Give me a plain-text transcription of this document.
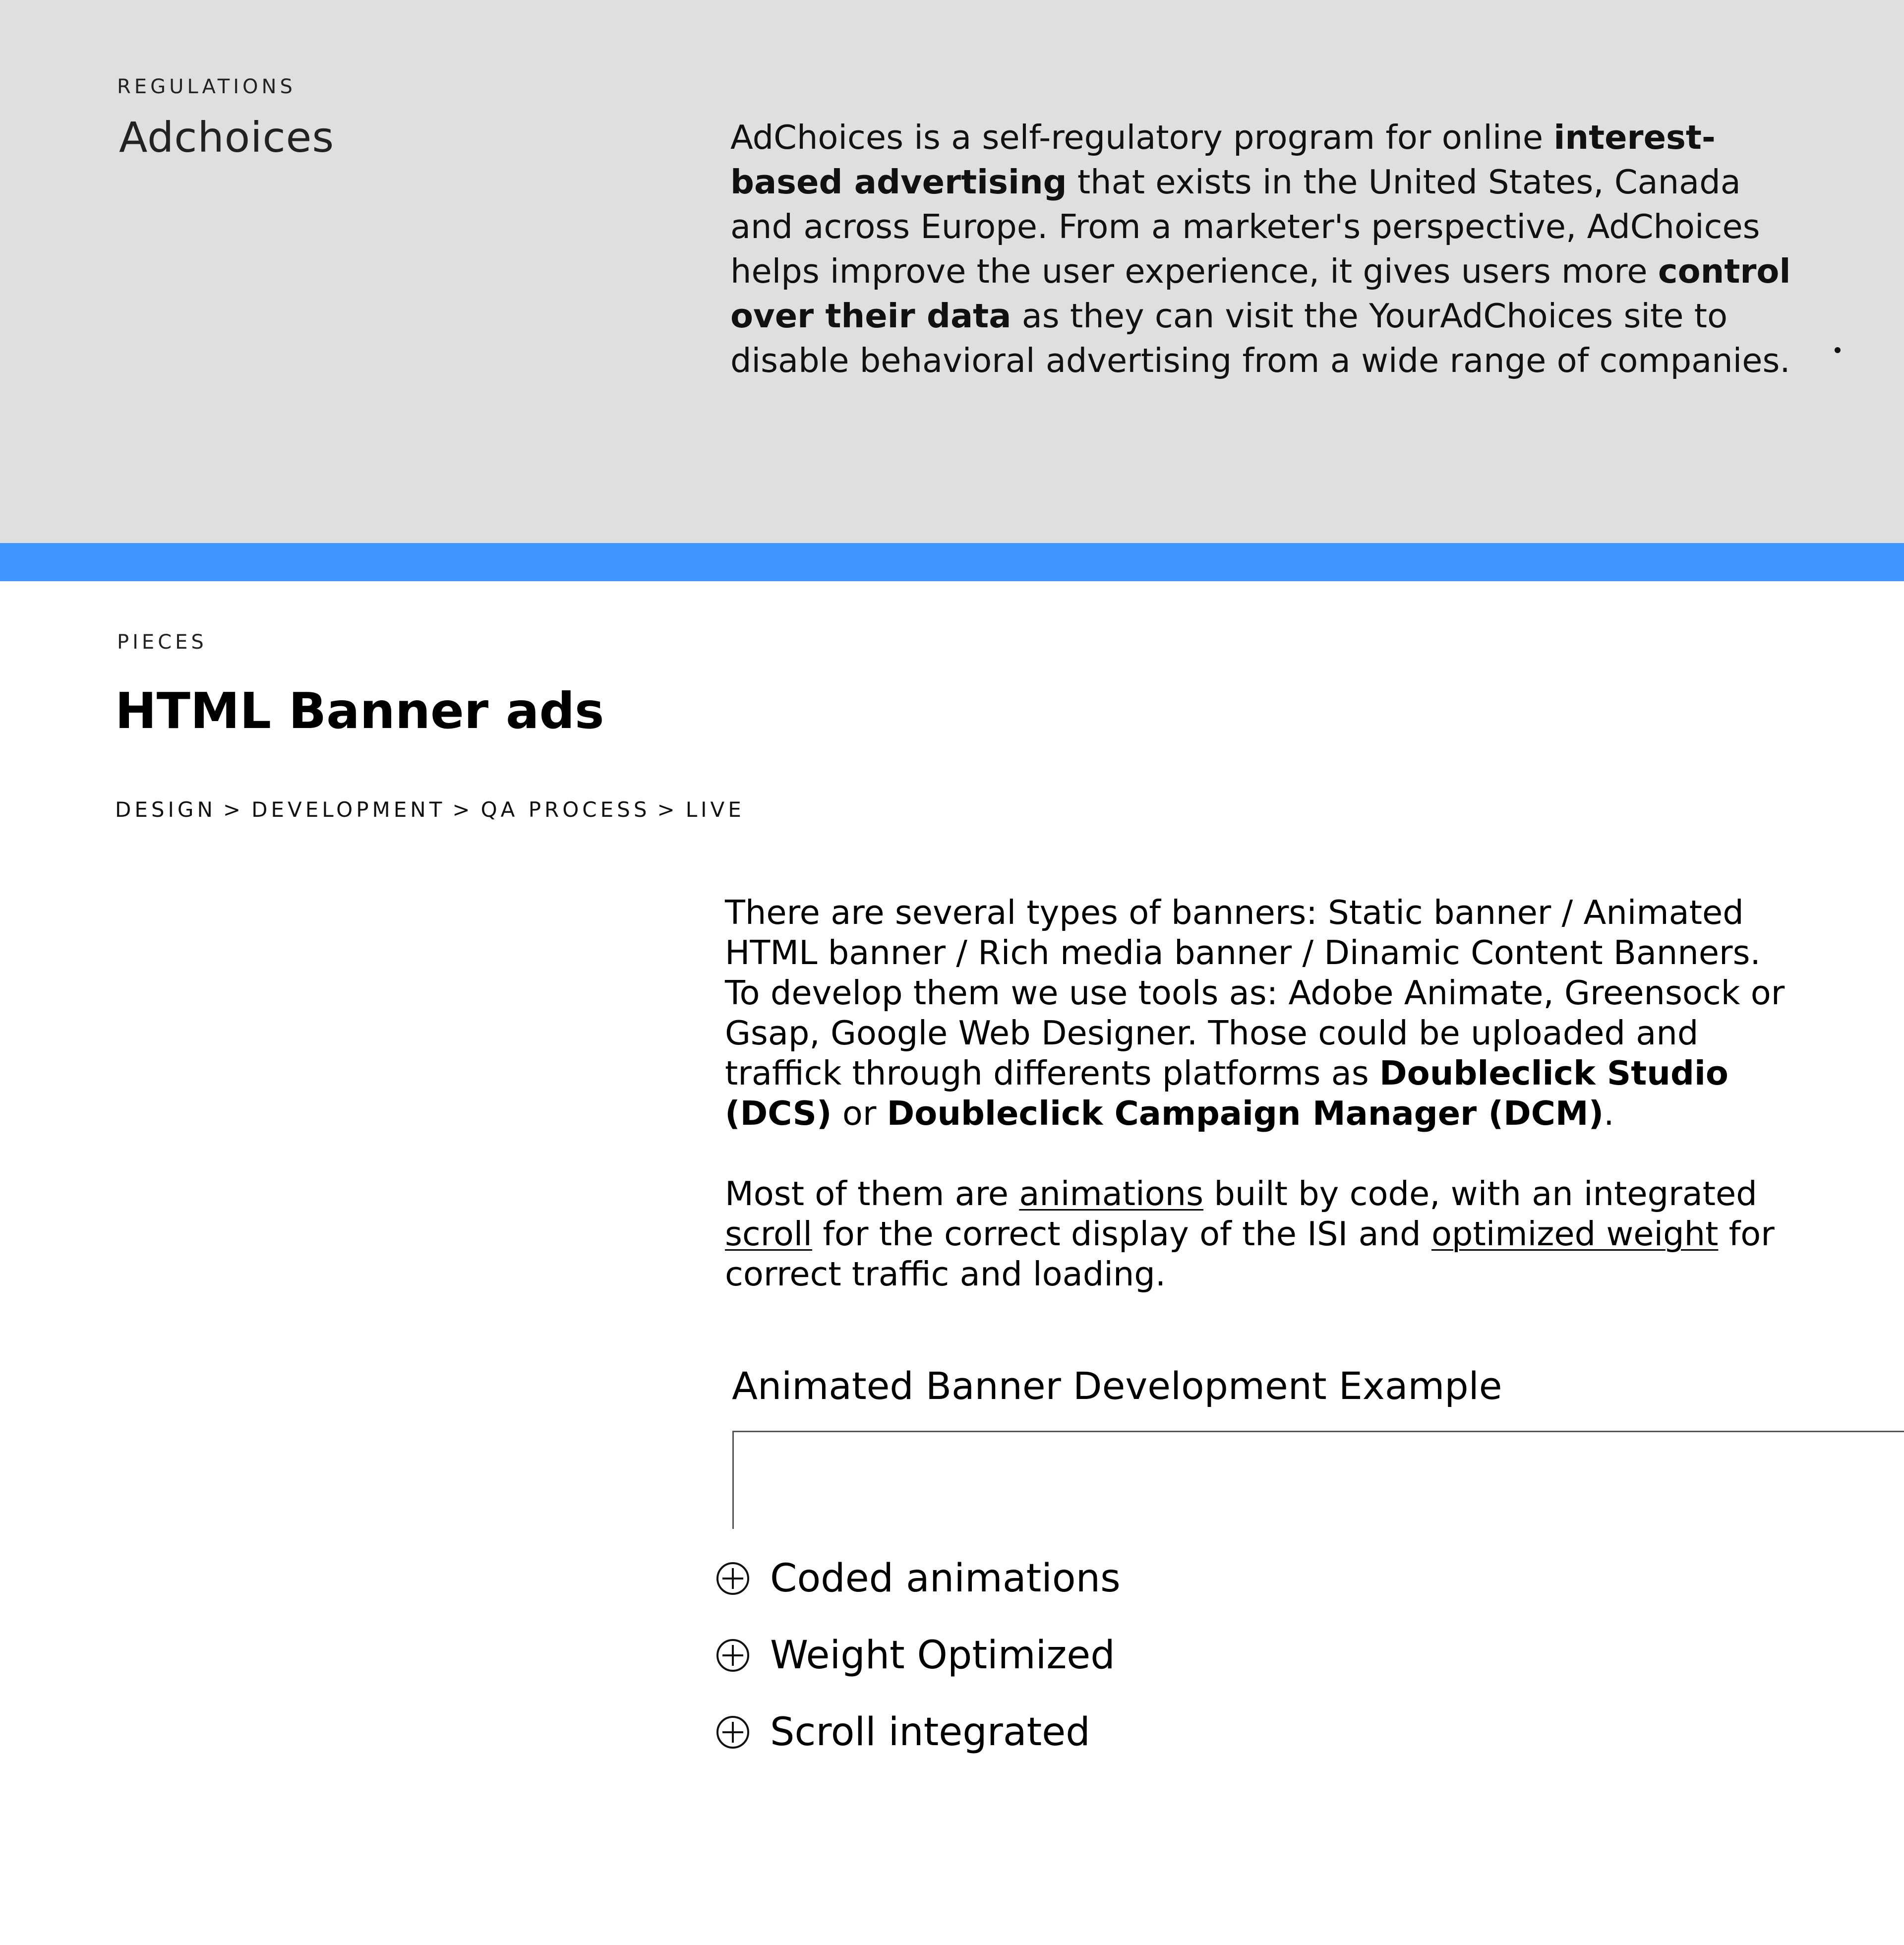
REGULATIONS
Adchoices	AdChoices is a self-regulatory program for online interest-based advertising that exists in the United States, Canada and across Europe. From a marketer's perspective, AdChoices helps improve the user experience, it gives users more control over their data as they can visit the YourAdChoices site to disable behavioral advertising from a wide range of companies.

PIECES
HTML Banner ads
DESIGN > DEVELOPMENT > QA PROCESS > LIVE

There are several types of banners: Static banner / Animated HTML banner / Rich media banner / Dinamic Content Banners.
To develop them we use tools as: Adobe Animate, Greensock or Gsap, Google Web Designer. Those could be uploaded and traffick through differents platforms as Doubleclick Studio (DCS) or Doubleclick Campaign Manager (DCM).

Most of them are animations built by code, with an integrated scroll for the correct display of the ISI and optimized weight for correct traffic and loading.

Animated Banner Development Example
Coded animations
Weight Optimized
Scroll integrated
